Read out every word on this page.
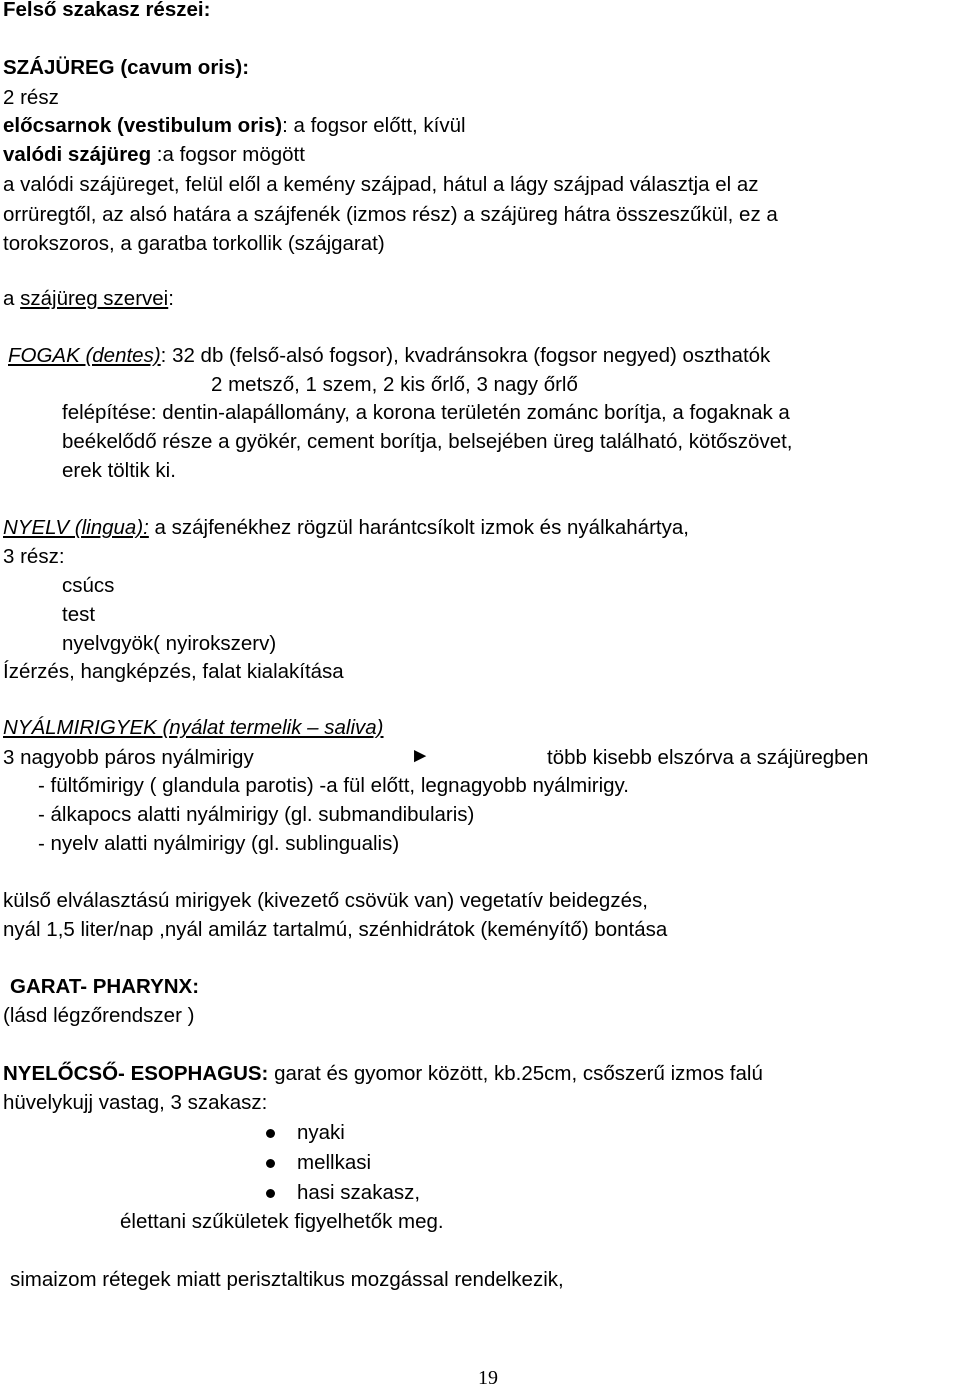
Felső szakasz részei:
SZÁJÜREG (cavum oris):
2 rész
előcsarnok (vestibulum oris): a fogsor előtt, kívül
valódi szájüreg :a fogsor mögött
a valódi szájüreget, felül elől a kemény szájpad, hátul a lágy szájpad választja el az
orrüregtől, az alsó határa a szájfenék (izmos rész) a szájüreg hátra összeszűkül, ez a
torokszoros, a garatba torkollik (szájgarat)
a szájüreg szervei:
FOGAK (dentes): 32 db (felső-alsó fogsor), kvadránsokra (fogsor negyed) oszthatók
2 metsző, 1 szem, 2 kis őrlő, 3 nagy őrlő
felépítése: dentin-alapállomány, a korona területén zománc borítja, a fogaknak a
beékelődő része a gyökér, cement borítja, belsejében üreg található, kötőszövet,
erek töltik ki.
NYELV (lingua): a szájfenékhez rögzül harántcsíkolt izmok és nyálkahártya,
3 rész:
csúcs
test
nyelvgyök( nyirokszerv)
Ízérzés, hangképzés, falat kialakítása
NYÁLMIRIGYEK (nyálat termelik – saliva)
3 nagyobb páros nyálmirigy	►	több kisebb elszórva a szájüregben
- fültőmirigy ( glandula parotis) -a fül előtt, legnagyobb nyálmirigy.
- álkapocs alatti nyálmirigy (gl. submandibularis)
- nyelv alatti nyálmirigy (gl. sublingualis)
külső elválasztású mirigyek (kivezető csövük van) vegetatív beidegzés,
nyál 1,5 liter/nap ,nyál amiláz tartalmú, szénhidrátok (keményítő) bontása
GARAT- PHARYNX:
(lásd légzőrendszer )
NYELŐCSŐ- ESOPHAGUS: garat és gyomor között, kb.25cm, csőszerű izmos falú
hüvelykujj vastag, 3 szakasz:
nyaki
mellkasi
hasi szakasz,
élettani szűkületek figyelhetők meg.
simaizom rétegek miatt perisztaltikus mozgással rendelkezik,
19
